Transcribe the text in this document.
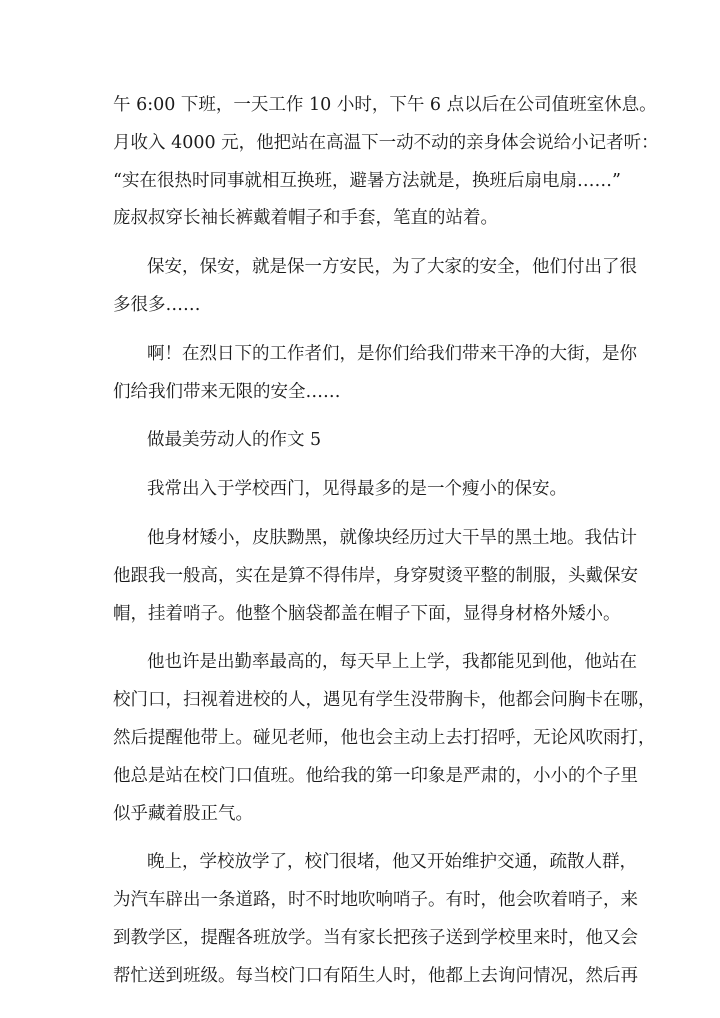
午 6:00 下班，一天工作 10 小时，下午 6 点以后在公司值班室休息。
月收入 4000 元，他把站在高温下一动不动的亲身体会说给小记者听：
“实在很热时同事就相互换班，避暑方法就是，换班后扇电扇……”
庞叔叔穿长袖长裤戴着帽子和手套，笔直的站着。
保安，保安，就是保一方安民，为了大家的安全，他们付出了很
多很多……
啊！在烈日下的工作者们，是你们给我们带来干净的大街，是你
们给我们带来无限的安全……
做最美劳动人的作文 5
我常出入于学校西门，见得最多的是一个瘦小的保安。
他身材矮小，皮肤黝黑，就像块经历过大干旱的黑土地。我估计
他跟我一般高，实在是算不得伟岸，身穿熨烫平整的制服，头戴保安
帽，挂着哨子。他整个脑袋都盖在帽子下面，显得身材格外矮小。
他也许是出勤率最高的，每天早上上学，我都能见到他，他站在
校门口，扫视着进校的人，遇见有学生没带胸卡，他都会问胸卡在哪，
然后提醒他带上。碰见老师，他也会主动上去打招呼，无论风吹雨打，
他总是站在校门口值班。他给我的第一印象是严肃的，小小的个子里
似乎藏着股正气。
晚上，学校放学了，校门很堵，他又开始维护交通，疏散人群，
为汽车辟出一条道路，时不时地吹响哨子。有时，他会吹着哨子，来
到教学区，提醒各班放学。当有家长把孩子送到学校里来时，他又会
帮忙送到班级。每当校门口有陌生人时，他都上去询问情况，然后再
